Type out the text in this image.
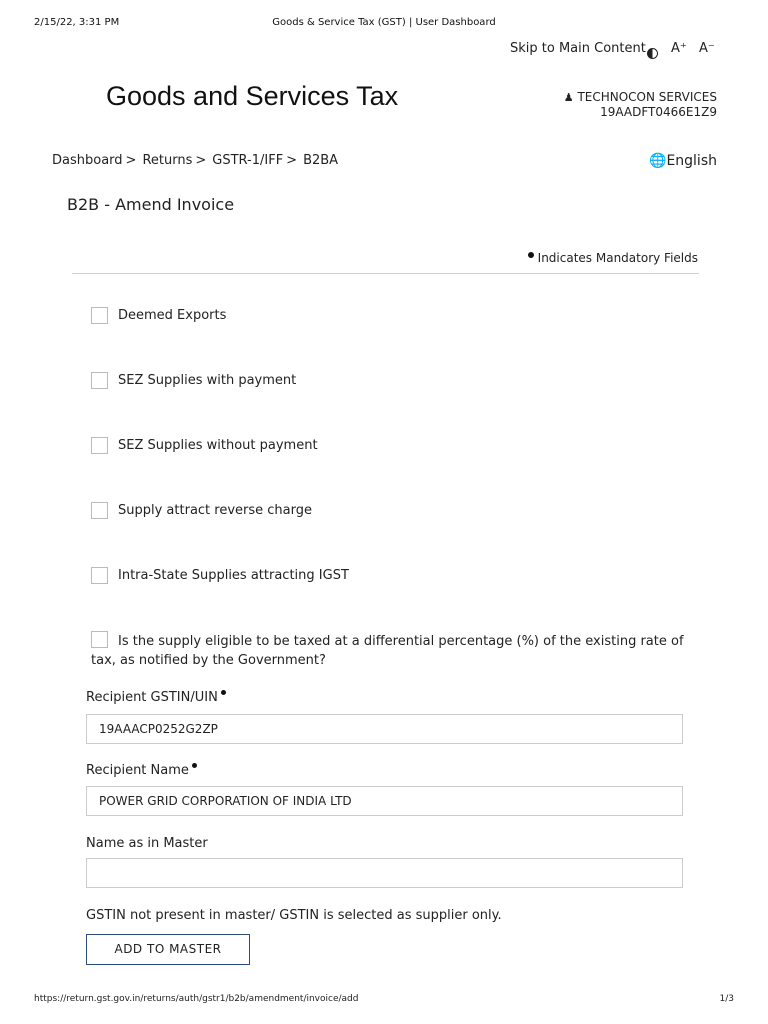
2/15/22, 3:31 PM	Goods & Service Tax (GST) | User Dashboard
Skip to Main Content A⁺ A⁻
Goods and Services Tax	♟ TECHNOCON SERVICES
19AADFT0466E1Z9
Dashboard > Returns > GSTR-1/IFF > B2BA	🌐English
B2B - Amend Invoice
Indicates Mandatory Fields
Deemed Exports
SEZ Supplies with payment
SEZ Supplies without payment
Supply attract reverse charge
Intra-State Supplies attracting IGST
Is the supply eligible to be taxed at a differential percentage (%) of the existing rate of tax, as notified by the Government?
Recipient GSTIN/UIN
19AAACP0252G2ZP
Recipient Name
POWER GRID CORPORATION OF INDIA LTD
Name as in Master
GSTIN not present in master/ GSTIN is selected as supplier only.
ADD TO MASTER
https://return.gst.gov.in/returns/auth/gstr1/b2b/amendment/invoice/add	1/3
